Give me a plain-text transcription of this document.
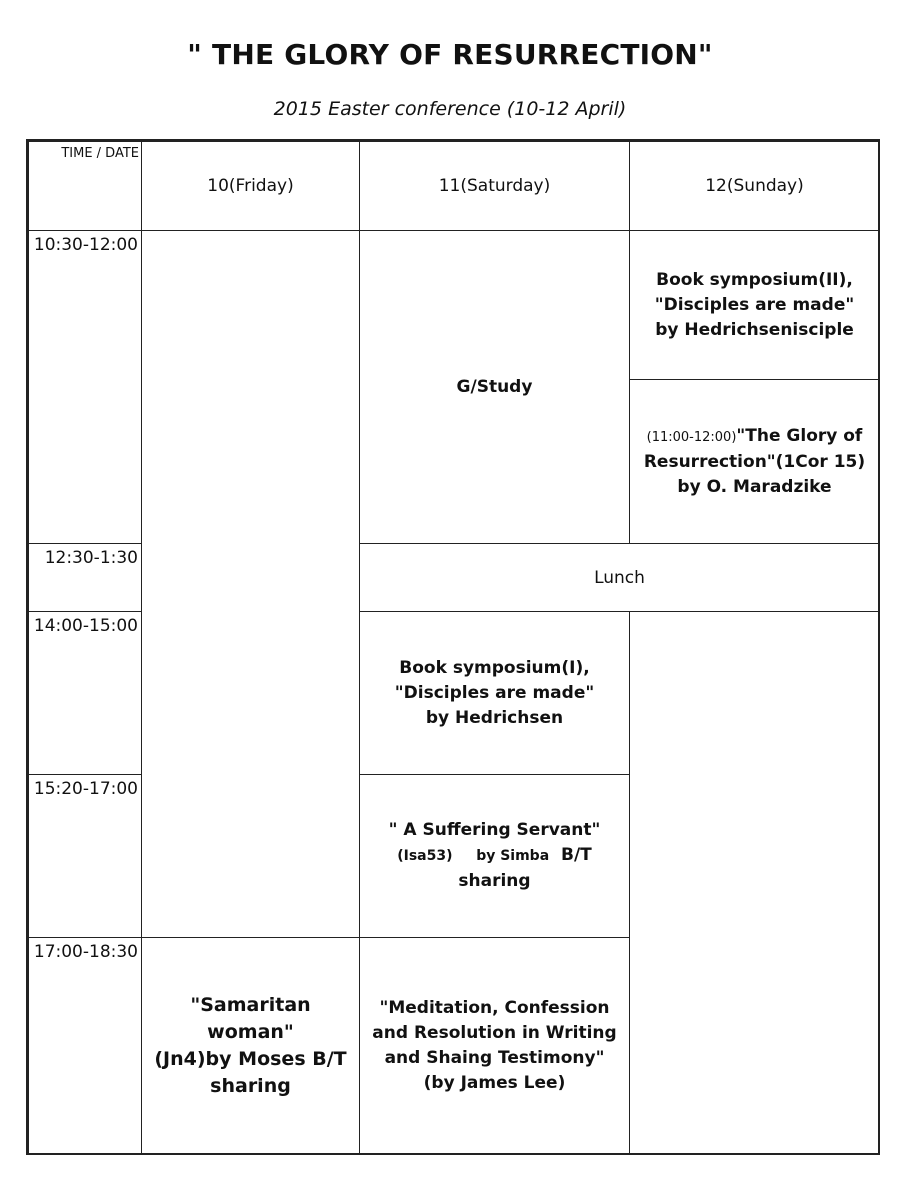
" THE GLORY OF RESURRECTION"
2015 Easter conference (10-12 April)
TIME / DATE
10(Friday)	11(Saturday)	12(Sunday)
10:30-12:00
12:30-1:30
14:00-15:00
15:20-17:00
17:00-18:30
"Samaritan
woman"
(Jn4)by Moses B/T
sharing
G/Study
Book symposium(I),
"Disciples are made"
by Hedrichsen
" A Suffering Servant"
(Isa53) by Simba B/T
sharing
"Meditation, Confession
and Resolution in Writing
and Shaing Testimony"
(by James Lee)
Lunch
Book symposium(II),
"Disciples are made"
by Hedrichseniscipl​e
(11:00-12:00)"The Glory of
Resurrection"(1Cor 15)
by O. Maradzike
